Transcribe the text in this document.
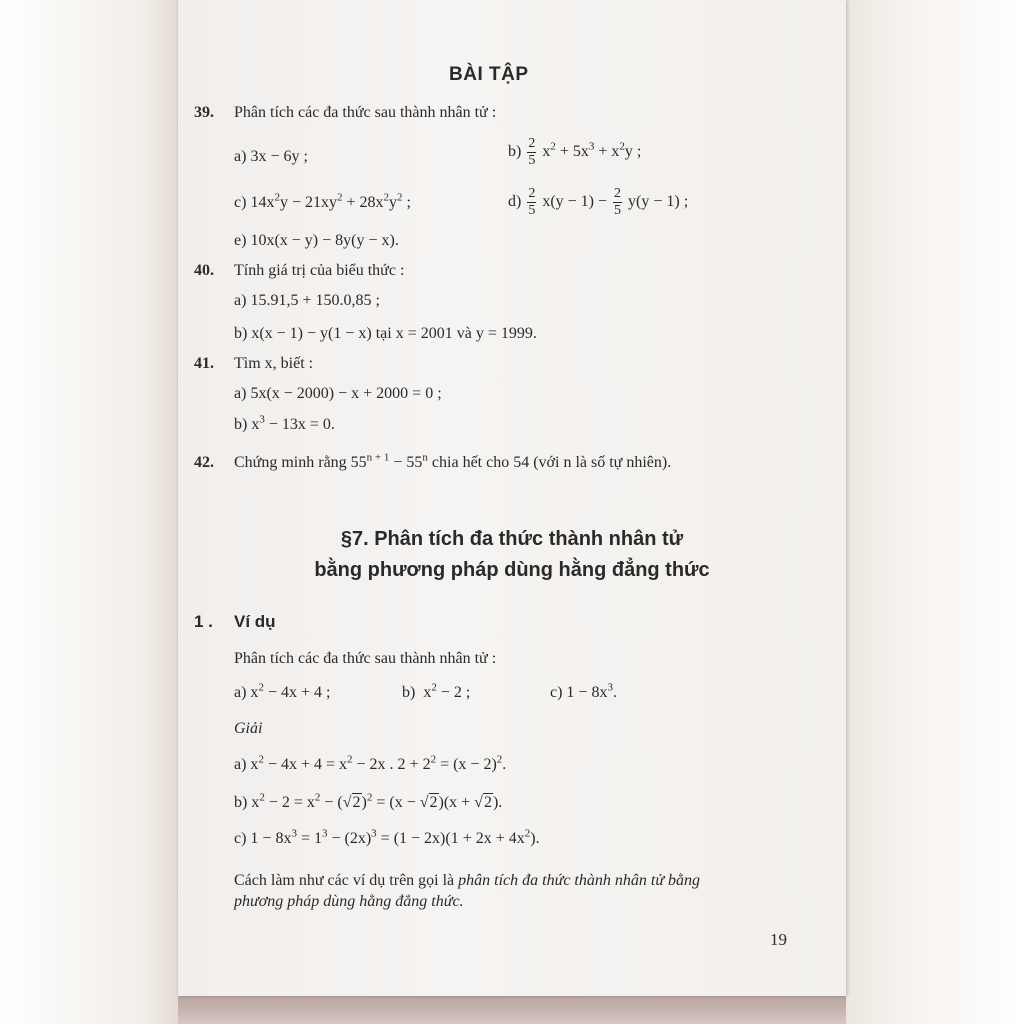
BÀI TẬP
39. Phân tích các đa thức sau thành nhân tử :
a) 3x − 6y ;	$b) \frac{2}{5} x^2 + 5x^3 + x^2y$ ;
c) $14x^2y - 21xy^2 + 28x^2y^2$ ;	$d) \frac{2}{5} x(y - 1) - \frac{2}{5} y(y - 1)$ ;
e) 10x(x − y) − 8y(y − x).
40. Tính giá trị của biểu thức :
a) 15.91,5 + 150.0,85 ;
b) x(x − 1) − y(1 − x) tại x = 2001 và y = 1999.
41. Tìm x, biết :
a) 5x(x − 2000) − x + 2000 = 0 ;
b) $x^3 - 13x = 0$.
42. Chứng minh rằng $55^{n + 1} - 55^n$ chia hết cho 54 (với n là số tự nhiên).
§7. Phân tích đa thức thành nhân tử
bằng phương pháp dùng hằng đẳng thức
1 . Ví dụ
Phân tích các đa thức sau thành nhân tử :
a) $x^2 - 4x + 4$ ;	b)  $x^2 - 2$ ;	c) $1 - 8x^3$.
Giải
a) $x^2 - 4x + 4 = x^2 - 2x$ . $2 + 2^2 = (x - 2)^2$.
b) $x^2 - 2 = x^2 - (√2)^2 = (x - √2)(x + √2)$.
c) $1 - 8x^3 = 1^3 - (2x)^3 = (1 - 2x)(1 + 2x + 4x^2)$.
Cách làm như các ví dụ trên gọi là phân tích đa thức thành nhân tử bằng
phương pháp dùng hằng đẳng thức.
19
